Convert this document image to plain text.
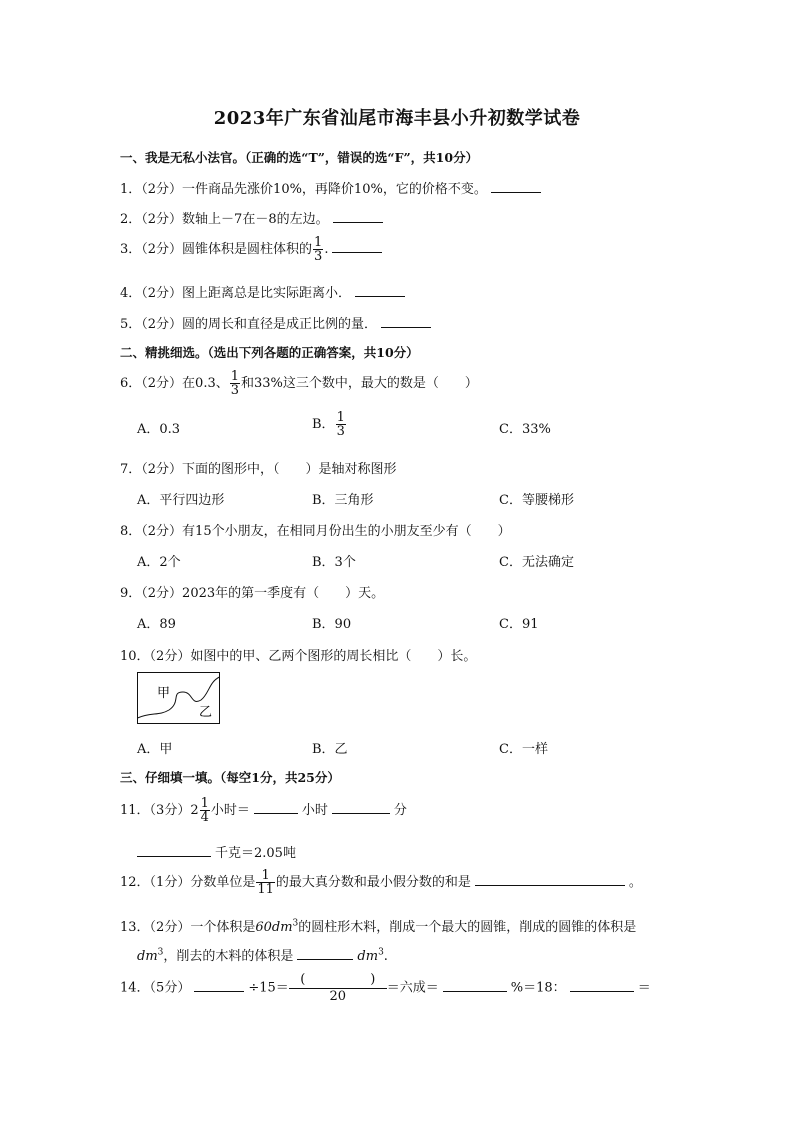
2023年广东省汕尾市海丰县小升初数学试卷
一、我是无私小法官。（正确的选“T”，错误的选“F”，共10分）
1．（2分）一件商品先涨价10%，再降价10%，它的价格不变。
2．（2分）数轴上－7在－8的左边。
3．（2分）圆锥体积是圆柱体积的 $\frac{1}{3}$ .
4．（2分）图上距离总是比实际距离小．
5．（2分）圆的周长和直径是成正比例的量．
二、精挑细选。（选出下列各题的正确答案，共10分）
6．（2分）在0.3、 $\frac{1}{3}$ 和33%这三个数中，最大的数是（　　）
A．0.3	B． $\frac{1}{3}$	C．33%
7．（2分）下面的图形中，（　　）是轴对称图形
A．平行四边形	B．三角形	C．等腰梯形
8．（2分）有15个小朋友，在相同月份出生的小朋友至少有（　　）
A．2个	B．3个	C．无法确定
9．（2分）2023年的第一季度有（　　）天。
A．89	B．90	C．91
10．（2分）如图中的甲、乙两个图形的周长相比（　　）长。
甲
乙
A．甲	B．乙	C．一样
三、仔细填一填。（每空1分，共25分）
11．（3分）$2 \frac{1}{4}$ 小时＝	小时	分
千克＝2.05吨
12．（1分）分数单位是 $\frac{1}{11}$ 的最大真分数和最小假分数的和是	。
13．（2分）一个体积是$60dm^3$的圆柱形木料，削成一个最大的圆锥，削成的圆锥的体积是
$dm^3$，削去的木料的体积是	$dm^3$.
14．（5分）	÷15＝
(　　　　　)
20
＝六成＝	%＝18：	＝
